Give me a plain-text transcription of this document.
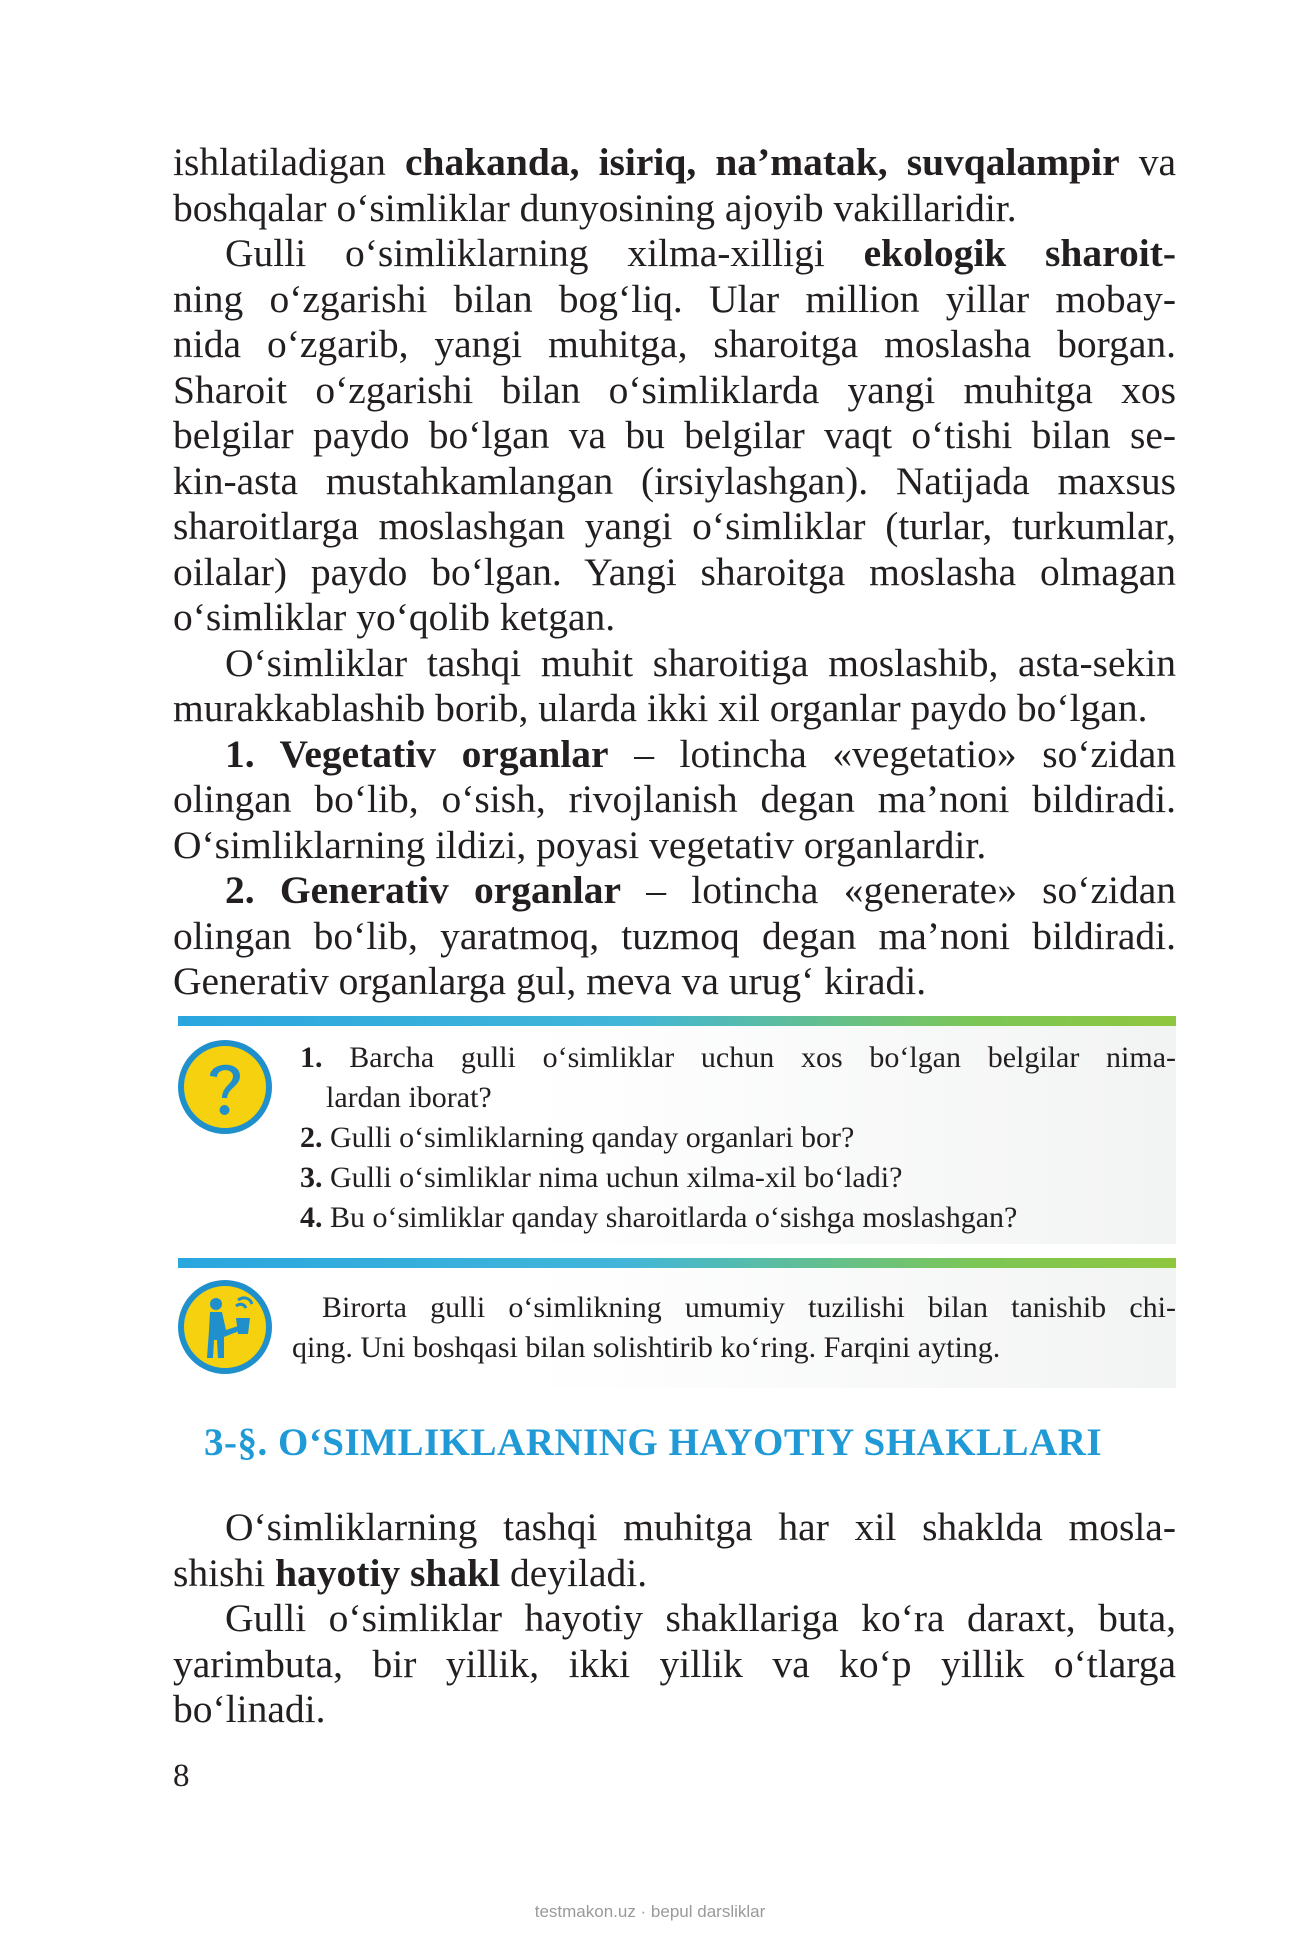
ishlatiladigan chakanda, isiriq, na’matak, suvqalampir va

boshqalar o‘simliklar dunyosining ajoyib vakillaridir.

Gulli o‘simliklarning xilma-xilligi ekologik sharoit-

ning o‘zgarishi bilan bog‘liq. Ular million yillar mobay-

nida o‘zgarib, yangi muhitga, sharoitga moslasha borgan.

Sharoit o‘zgarishi bilan o‘simliklarda yangi muhitga xos

belgilar paydo bo‘lgan va bu belgilar vaqt o‘tishi bilan se-

kin-asta mustahkamlangan (irsiylashgan). Natijada maxsus

sharoitlarga moslashgan yangi o‘simliklar (turlar, turkumlar,

oilalar) paydo bo‘lgan. Yangi sharoitga moslasha olmagan

o‘simliklar yo‘qolib ketgan.

O‘simliklar tashqi muhit sharoitiga moslashib, asta-sekin

murakkablashib borib, ularda ikki xil organlar paydo bo‘lgan.

1. Vegetativ organlar – lotincha «vegetatio» so‘zidan

olingan bo‘lib, o‘sish, rivojlanish degan ma’noni bildiradi.

O‘simliklarning ildizi, poyasi vegetativ organlardir.

2. Generativ organlar – lotincha «generate» so‘zidan

olingan bo‘lib, yaratmoq, tuzmoq degan ma’noni bildiradi.

Generativ organlarga gul, meva va urug‘ kiradi.

1. Barcha gulli o‘simliklar uchun xos bo‘lgan belgilar nima-
lardan iborat?
2. Gulli o‘simliklarning qanday organlari bor?
3. Gulli o‘simliklar nima uchun xilma-xil bo‘ladi?
4. Bu o‘simliklar qanday sharoitlarda o‘sishga moslashgan?

Birorta gulli o‘simlikning umumiy tuzilishi bilan tanishib chi-

qing. Uni boshqasi bilan solishtirib ko‘ring. Farqini ayting.

3-§. O‘SIMLIKLARNING HAYOTIY SHAKLLARI

O‘simliklarning tashqi muhitga har xil shaklda mosla-

shishi hayotiy shakl deyiladi.

Gulli o‘simliklar hayotiy shakllariga ko‘ra daraxt, buta,

yarimbuta, bir yillik, ikki yillik va ko‘p yillik o‘tlarga

bo‘linadi.

8
testmakon.uz · bepul darsliklar
